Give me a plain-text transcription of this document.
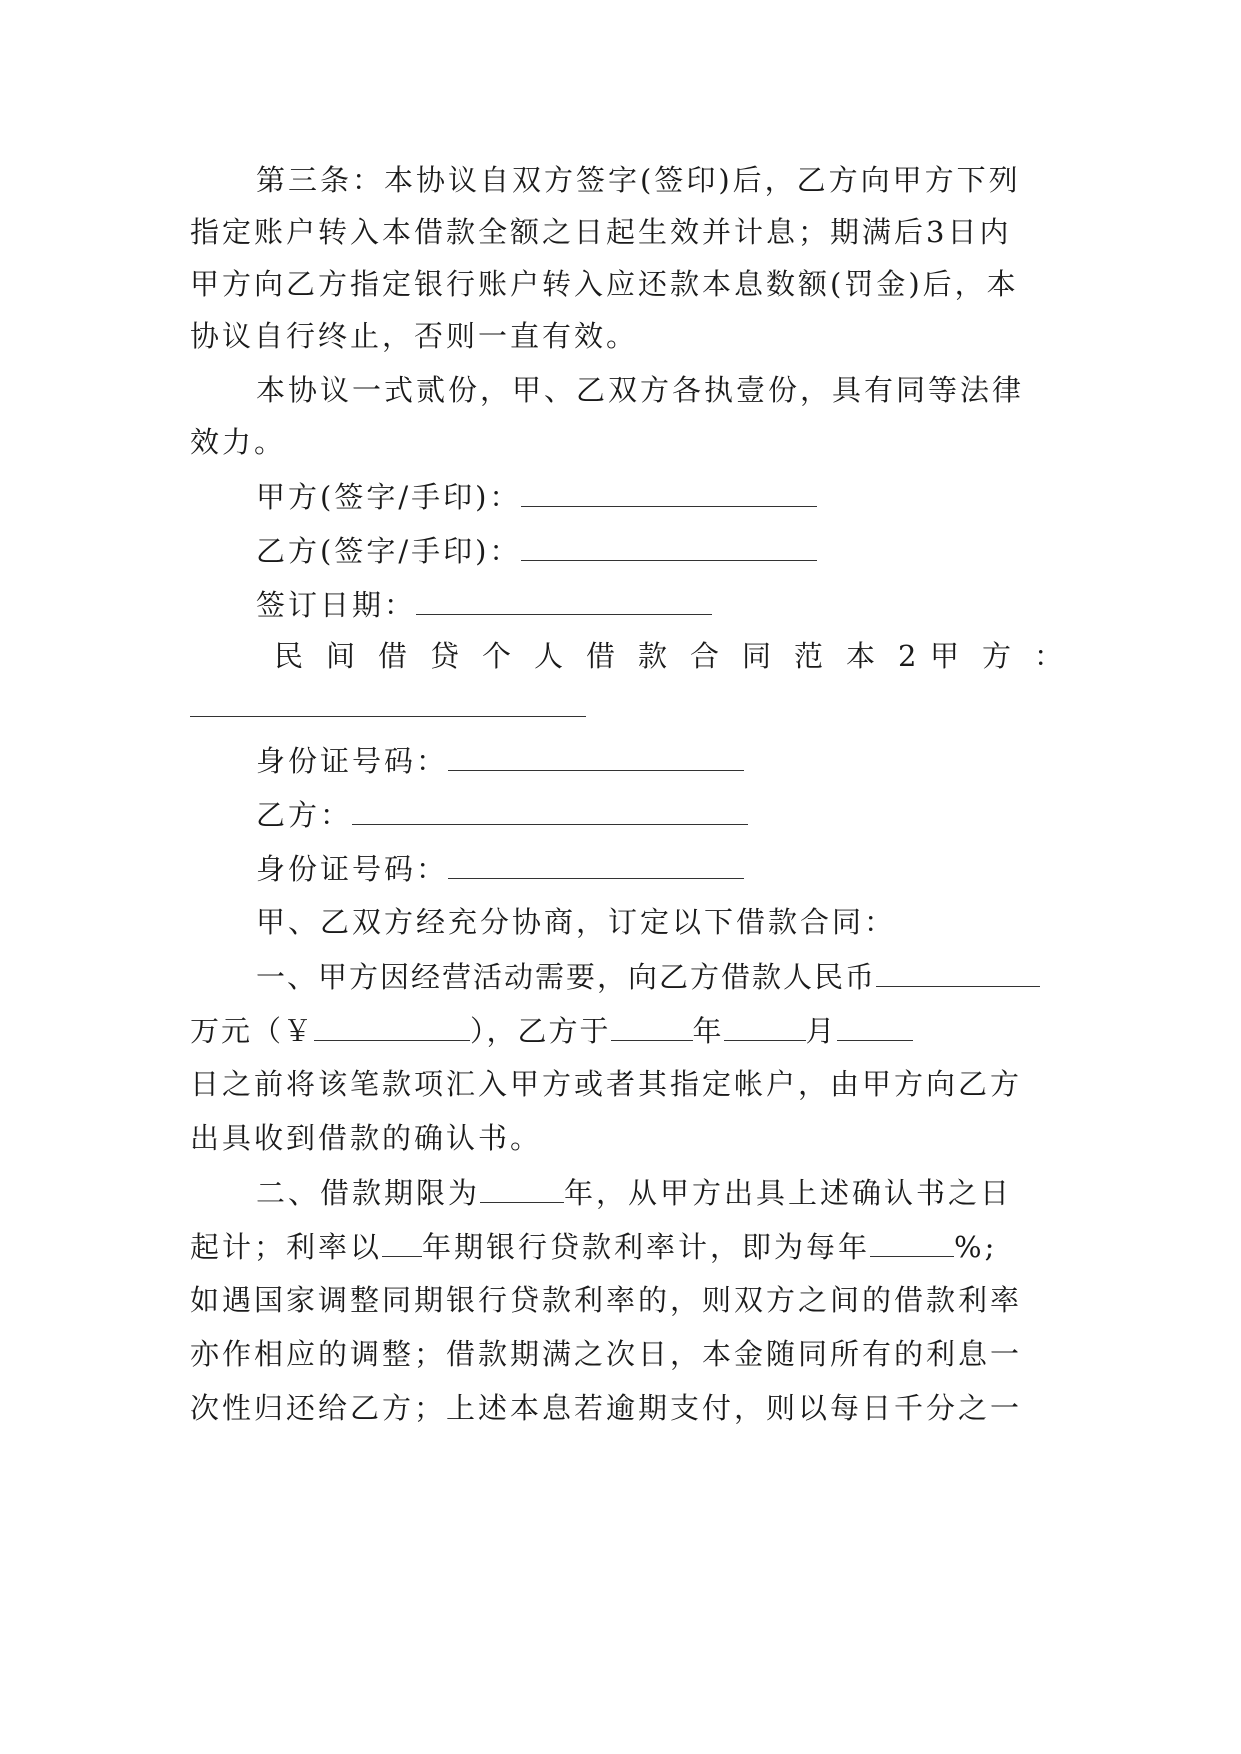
第三条：本协议自双方签字(签印)后，乙方向甲方下列
指定账户转入本借款全额之日起生效并计息；期满后3日内
甲方向乙方指定银行账户转入应还款本息数额(罚金)后，本
协议自行终止，否则一直有效。
本协议一式贰份，甲、乙双方各执壹份，具有同等法律
效力。
甲方(签字/手印)：
乙方(签字/手印)：
签订日期：
民间借贷个人借款合同范本2
甲方：
身份证号码：
乙方：
身份证号码：
甲、乙双方经充分协商，订定以下借款合同：
一、甲方因经营活动需要，向乙方借款人民币
万元（￥	），乙方于	年	月
日之前将该笔款项汇入甲方或者其指定帐户，由甲方向乙方
出具收到借款的确认书。
二、借款期限为	年，从甲方出具上述确认书之日
起计；利率以 年期银行贷款利率计，即为每年	%;
如遇国家调整同期银行贷款利率的，则双方之间的借款利率
亦作相应的调整；借款期满之次日，本金随同所有的利息一
次性归还给乙方；上述本息若逾期支付，则以每日千分之一
